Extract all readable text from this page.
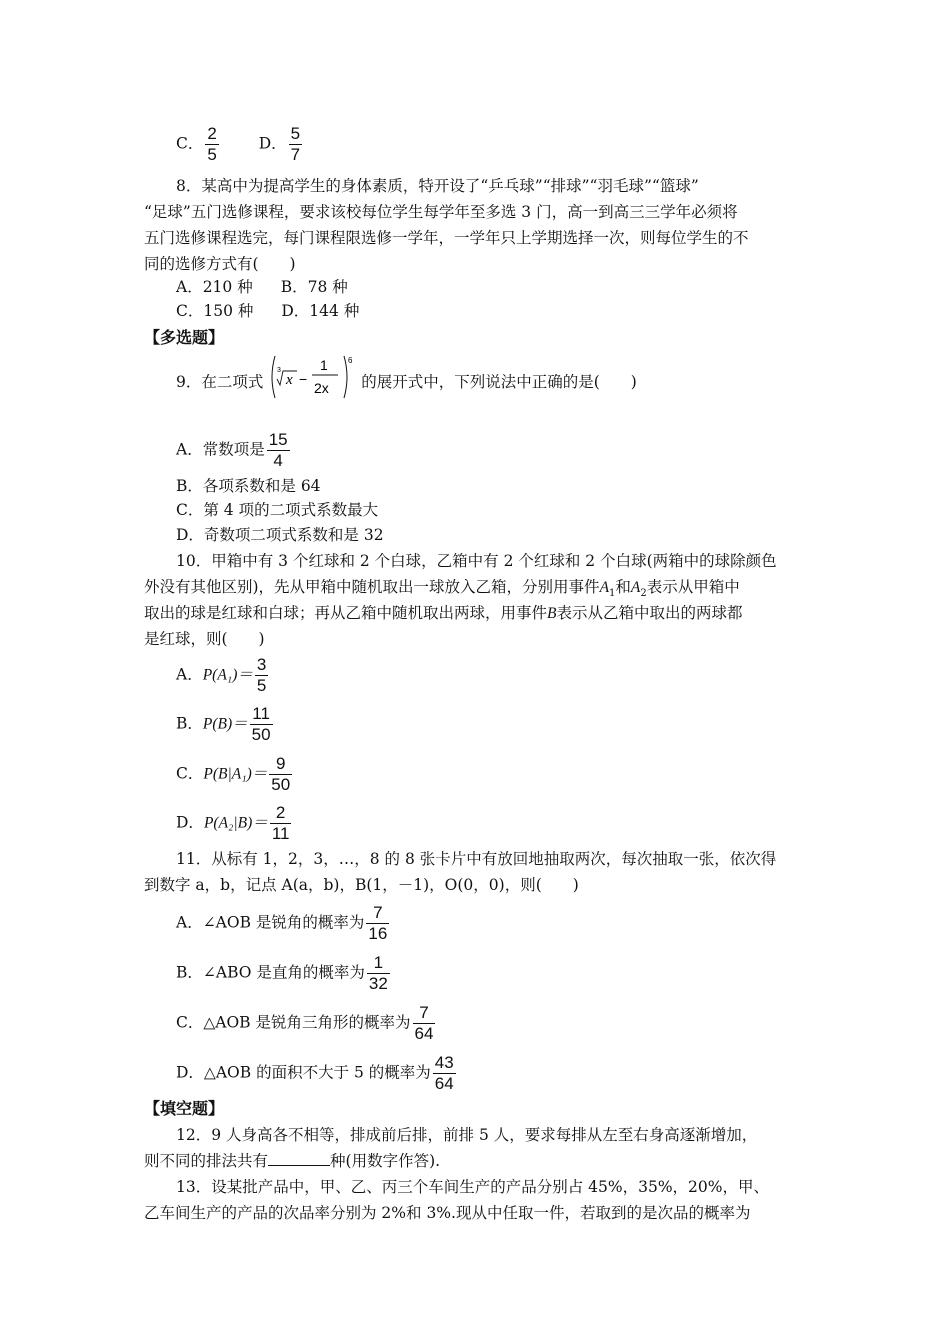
C． $\frac{2}{5}$	D． $\frac{5}{7}$
8．某高中为提高学生的身体素质，特开设了“乒乓球”“排球”“羽毛球”“篮球”
“足球”五门选修课程，要求该校每位学生每学年至多选 3 门，高一到高三三学年必须将
五门选修课程选完，每门课程限选修一学年，一学年只上学期选择一次，则每位学生的不
同的选修方式有(　　)
A．210 种 B．78 种
C．150 种 D．144 种
【多选题】
9．在二项式
3
x −
1
2x
6
的展开式中，下列说法中正确的是(　　)
A．常数项是 $\frac{15}{4}$
B．各项系数和是 64
C．第 4 项的二项式系数最大
D．奇数项二项式系数和是 32
10．甲箱中有 3 个红球和 2 个白球，乙箱中有 2 个红球和 2 个白球(两箱中的球除颜色
外没有其他区别)，先从甲箱中随机取出一球放入乙箱，分别用事件$A_1$和$A_2$表示从甲箱中
取出的球是红球和白球；再从乙箱中随机取出两球，用事件B表示从乙箱中取出的两球都
是红球，则(　　)
A．$P(A_1)= \frac{3}{5}$
B．$P(B)= \frac{11}{50}$
C．$P(B|A_1)= \frac{9}{50}$
D．$P(A_2|B)= \frac{2}{11}$
11．从标有 1，2，3，…，8 的 8 张卡片中有放回地抽取两次，每次抽取一张，依次得
到数字 a，b，记点 A(a，b)，B(1，－1)，O(0，0)，则(　　)
A．∠AOB 是锐角的概率为 $\frac{7}{16}$
B．∠ABO 是直角的概率为 $\frac{1}{32}$
C．△AOB 是锐角三角形的概率为 $\frac{7}{64}$
D．△AOB 的面积不大于 5 的概率为 $\frac{43}{64}$
【填空题】
12．9 人身高各不相等，排成前后排，前排 5 人，要求每排从左至右身高逐渐增加，
则不同的排法共有	种(用数字作答).
13．设某批产品中，甲、乙、丙三个车间生产的产品分别占 45%，35%，20%，甲、
乙车间生产的产品的次品率分别为 2%和 3%.现从中任取一件，若取到的是次品的概率为
